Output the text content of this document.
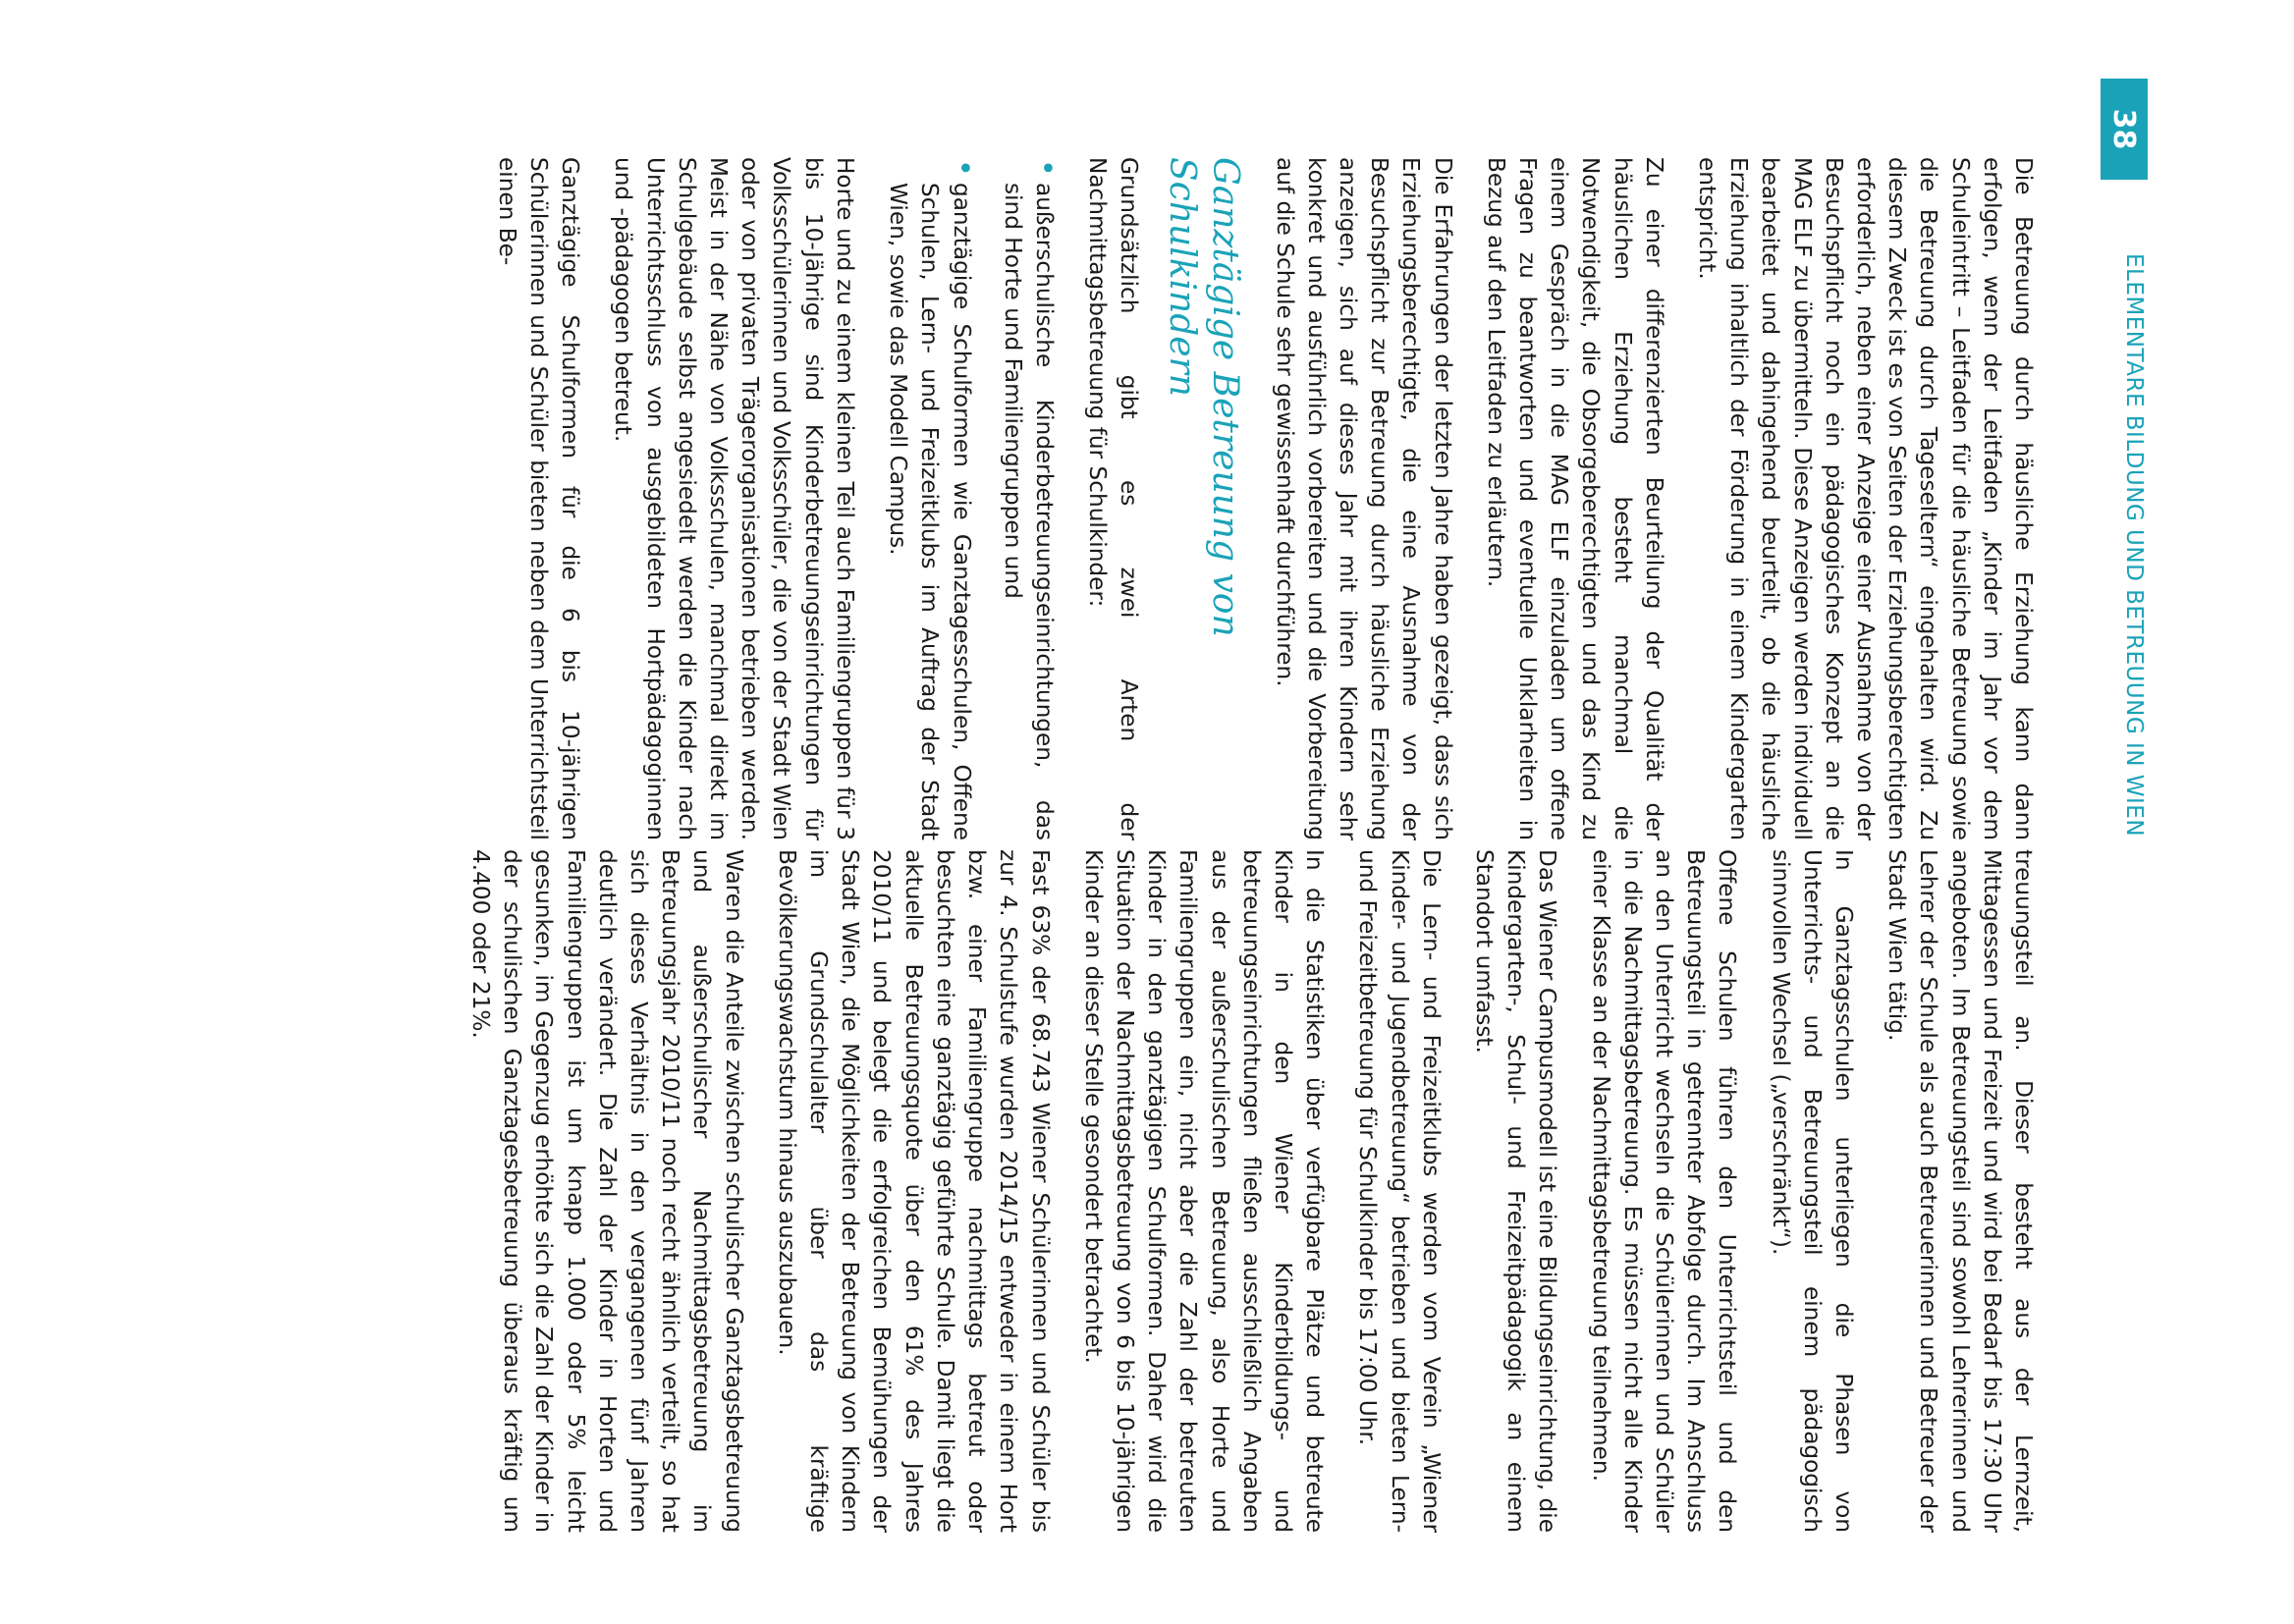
38
ELEMENTARE BILDUNG UND BETREUUNG IN WIEN

Die Betreuung durch häusliche Erziehung kann dann erfolgen, wenn der Leitfaden „Kinder im Jahr vor dem Schuleintritt – Leitfaden für die häusliche Betreuung sowie die Betreuung durch Tageseltern“ eingehalten wird. Zu diesem Zweck ist es von Seiten der Erziehungsberechtigten erforderlich, neben einer Anzeige einer Ausnahme von der Besuchspflicht noch ein pädagogisches Konzept an die MAG ELF zu übermitteln. Diese Anzeigen werden individuell bearbeitet und dahingehend beurteilt, ob die häusliche Erziehung inhaltlich der Förderung in einem Kindergarten entspricht.

Zu einer differenzierten Beurteilung der Qualität der häuslichen Erziehung besteht manchmal die Notwendigkeit, die Obsorgeberechtigten und das Kind zu einem Gespräch in die MAG ELF einzuladen um offene Fragen zu beantworten und eventuelle Unklarheiten in Bezug auf den Leitfaden zu erläutern.

Die Erfahrungen der letzten Jahre haben gezeigt, dass sich Erziehungsberechtigte, die eine Ausnahme von der Besuchspflicht zur Betreuung durch häusliche Erziehung anzeigen, sich auf dieses Jahr mit ihren Kindern sehr konkret und ausführlich vorbereiten und die Vorbereitung auf die Schule sehr gewissenhaft durchführen.

Ganztägige Betreuung von Schulkindern

Grundsätzlich gibt es zwei Arten der Nachmittagsbetreuung für Schulkinder:

• außerschulische Kinderbetreuungseinrichtungen, das sind Horte und Familiengruppen und
• ganztägige Schulformen wie Ganztagesschulen, Offene Schulen, Lern- und Freizeitklubs im Auftrag der Stadt Wien, sowie das Modell Campus.

Horte und zu einem kleinen Teil auch Familiengruppen für 3 bis 10-Jährige sind Kinderbetreuungseinrichtungen für Volksschülerinnen und Volksschüler, die von der Stadt Wien oder von privaten Trägerorganisationen betrieben werden. Meist in der Nähe von Volksschulen, manchmal direkt im Schulgebäude selbst angesiedelt werden die Kinder nach Unterrichtsschluss von ausgebildeten Hortpädagoginnen und -pädagogen betreut.

Ganztägige Schulformen für die 6 bis 10-jährigen Schülerinnen und Schüler bieten neben dem Unterrichtsteil einen Be-

treuungsteil an. Dieser besteht aus der Lernzeit, Mittagessen und Freizeit und wird bei Bedarf bis 17:30 Uhr angeboten. Im Betreuungsteil sind sowohl Lehrerinnen und Lehrer der Schule als auch Betreuerinnen und Betreuer der Stadt Wien tätig.

In Ganztagsschulen unterliegen die Phasen von Unterrichts- und Betreuungsteil einem pädagogisch sinnvollen Wechsel („verschränkt“).

Offene Schulen führen den Unterrichtsteil und den Betreuungsteil in getrennter Abfolge durch. Im Anschluss an den Unterricht wechseln die Schülerinnen und Schüler in die Nachmittagsbetreuung. Es müssen nicht alle Kinder einer Klasse an der Nachmittagsbetreuung teilnehmen.

Das Wiener Campusmodell ist eine Bildungseinrichtung, die Kindergarten-, Schul- und Freizeitpädagogik an einem Standort umfasst.

Die Lern- und Freizeitklubs werden vom Verein „Wiener Kinder- und Jugendbetreuung“ betrieben und bieten Lern- und Freizeitbetreuung für Schulkinder bis 17:00 Uhr.

In die Statistiken über verfügbare Plätze und betreute Kinder in den Wiener Kinderbildungs- und betreuungseinrichtungen fließen ausschließlich Angaben aus der außerschulischen Betreuung, also Horte und Familiengruppen ein, nicht aber die Zahl der betreuten Kinder in den ganztägigen Schulformen. Daher wird die Situation der Nachmittagsbetreuung von 6 bis 10-jährigen Kinder an dieser Stelle gesondert betrachtet.

Fast 63% der 68.743 Wiener Schülerinnen und Schüler bis zur 4. Schulstufe wurden 2014/15 entweder in einem Hort bzw. einer Familiengruppe nachmittags betreut oder besuchten eine ganztägig geführte Schule. Damit liegt die aktuelle Betreuungsquote über den 61% des Jahres 2010/11 und belegt die erfolgreichen Bemühungen der Stadt Wien, die Möglichkeiten der Betreuung von Kindern im Grundschulalter über das kräftige Bevölkerungswachstum hinaus auszubauen.

Waren die Anteile zwischen schulischer Ganztagsbetreuung und außerschulischer Nachmittagsbetreuung im Betreuungsjahr 2010/11 noch recht ähnlich verteilt, so hat sich dieses Verhältnis in den vergangenen fünf Jahren deutlich verändert. Die Zahl der Kinder in Horten und Familiengruppen ist um knapp 1.000 oder 5% leicht gesunken, im Gegenzug erhöhte sich die Zahl der Kinder in der schulischen Ganztagesbetreuung überaus kräftig um 4.400 oder 21%.
